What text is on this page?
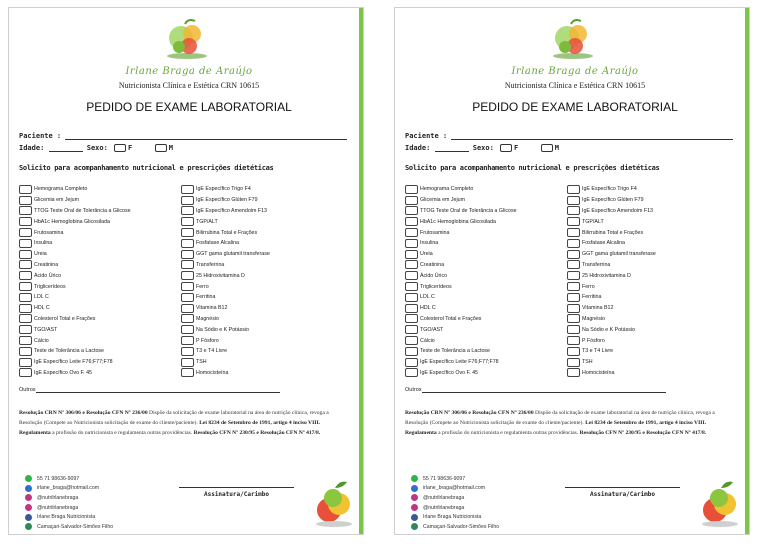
Irlane Braga de Araújo
Nutricionista Clínica e Estética CRN 10615
PEDIDO DE EXAME LABORATORIAL
Paciente :
Idade:	Sexo:	F	M
Solicito para acompanhamento nutricional e prescrições dietéticas
Hemograma Completo
Glicemia em Jejum
TTOG Teste Oral de Tolerância a Glicose
HbA1c Hemoglobina Glicosilada
Frutosamina
Insulina
Ureia
Creatinina
Ácido Úrico
Triglicerídeos
LDL C
HDL C
Colesterol Total e Frações
TGO/AST
Cálcio
Teste de Tolerância a Lactose
IgE Específico Leite F76;F77;F78
IgE Específico Ovo F. 45
IgE Específico Trigo F4
IgE Específico Glúten F79
IgE Específico Amendoim F13
TGP/ALT
Bilirrubina Total e Frações
Fosfatase Alcalina
GGT gama glutamil transferase
Transferrina
25 Hidroxivitamina D
Ferro
Ferritina
Vitamina B12
Magnésio
Na Sódio e K Potássio
P Fósforo
T3 e T4 Livre
TSH
Homocisteína
Outros
Resolução CRN Nº 306/06 e Resolução CFN Nº 236/00 Dispõe da solicitação de exame laboratorial na área de nutrição clínica, revoga a Resolução (Compete ao Nutricionista solicitação de exame do cliente/paciente). Lei 8234 de Setembro de 1991, artigo 4 inciso VIII. Regulamenta a profissão do nutricionista e regulamenta outras providências. Resolução CFN Nº 230/95 e Resolução CFN Nº 417/8.
55 71 98636-9097
irlane_braga@hotmail.com
@nutrilrlanebraga
@nutrilrlanebraga
Irlane Braga Nutricionista
Camaçari-Salvador-Simões Filho
Assinatura/Carimbo
Irlane Braga de Araújo
Nutricionista Clínica e Estética CRN 10615
PEDIDO DE EXAME LABORATORIAL
Paciente :
Idade:	Sexo:	F	M
Solicito para acompanhamento nutricional e prescrições dietéticas
Hemograma Completo
Glicemia em Jejum
TTOG Teste Oral de Tolerância a Glicose
HbA1c Hemoglobina Glicosilada
Frutosamina
Insulina
Ureia
Creatinina
Ácido Úrico
Triglicerídeos
LDL C
HDL C
Colesterol Total e Frações
TGO/AST
Cálcio
Teste de Tolerância a Lactose
IgE Específico Leite F76;F77;F78
IgE Específico Ovo F. 45
IgE Específico Trigo F4
IgE Específico Glúten F79
IgE Específico Amendoim F13
TGP/ALT
Bilirrubina Total e Frações
Fosfatase Alcalina
GGT gama glutamil transferase
Transferrina
25 Hidroxivitamina D
Ferro
Ferritina
Vitamina B12
Magnésio
Na Sódio e K Potássio
P Fósforo
T3 e T4 Livre
TSH
Homocisteína
Outros
Resolução CRN Nº 306/06 e Resolução CFN Nº 236/00 Dispõe da solicitação de exame laboratorial na área de nutrição clínica, revoga a Resolução (Compete ao Nutricionista solicitação de exame do cliente/paciente). Lei 8234 de Setembro de 1991, artigo 4 inciso VIII. Regulamenta a profissão do nutricionista e regulamenta outras providências. Resolução CFN Nº 230/95 e Resolução CFN Nº 417/8.
55 71 98636-9097
irlane_braga@hotmail.com
@nutrilrlanebraga
@nutrilrlanebraga
Irlane Braga Nutricionista
Camaçari-Salvador-Simões Filho
Assinatura/Carimbo
